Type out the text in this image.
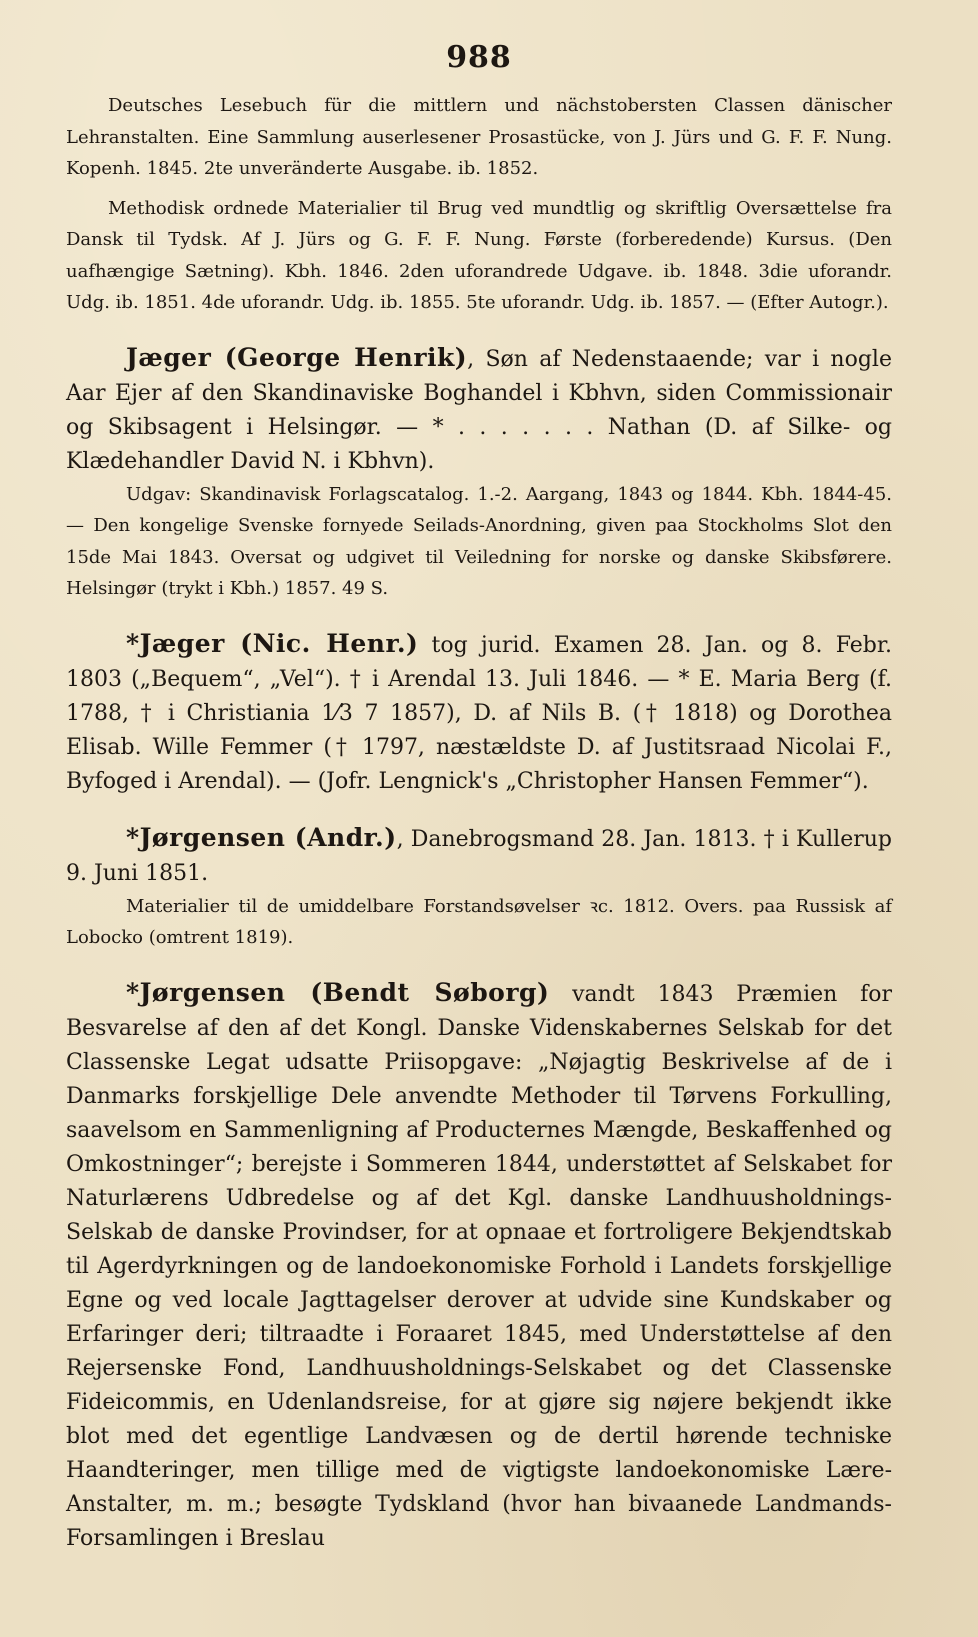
988

Deutsches Lesebuch für die mittlern und nächstobersten Classen dänischer Lehranstalten. Eine Sammlung auserlesener Prosastücke, von J. Jürs und G. F. F. Nung. Kopenh. 1845. 2te unveränderte Ausgabe. ib. 1852.

Methodisk ordnede Materialier til Brug ved mundtlig og skriftlig Oversættelse fra Dansk til Tydsk. Af J. Jürs og G. F. F. Nung. Første (forberedende) Kursus. (Den uafhængige Sætning). Kbh. 1846. 2den uforandrede Udgave. ib. 1848. 3die uforandr. Udg. ib. 1851. 4de uforandr. Udg. ib. 1855. 5te uforandr. Udg. ib. 1857. — (Efter Autogr.).

Jæger (George Henrik), Søn af Nedenstaaende; var i nogle Aar Ejer af den Skandinaviske Boghandel i Kbhvn, siden Commissionair og Skibsagent i Helsingør. — * . . . . . . . Nathan (D. af Silke- og Klædehandler David N. i Kbhvn).

Udgav: Skandinavisk Forlagscatalog. 1.-2. Aargang, 1843 og 1844. Kbh. 1844-45. — Den kongelige Svenske fornyede Seilads-Anordning, given paa Stockholms Slot den 15de Mai 1843. Oversat og udgivet til Veiledning for norske og danske Skibsførere. Helsingør (trykt i Kbh.) 1857. 49 S.

*Jæger (Nic. Henr.) tog jurid. Examen 28. Jan. og 8. Febr. 1803 („Bequem“, „Vel“). † i Arendal 13. Juli 1846. — * E. Maria Berg (f. 1788, † i Christiania 1⁄3 7 1857), D. af Nils B. († 1818) og Dorothea Elisab. Wille Femmer († 1797, næstældste D. af Justitsraad Nicolai F., Byfoged i Arendal). — (Jofr. Lengnick's „Christopher Hansen Femmer“).

*Jørgensen (Andr.), Danebrogsmand 28. Jan. 1813. † i Kullerup 9. Juni 1851.

Materialier til de umiddelbare Forstandsøvelser ꝛc. 1812. Overs. paa Russisk af Lobocko (omtrent 1819).

*Jørgensen (Bendt Søborg) vandt 1843 Præmien for Besvarelse af den af det Kongl. Danske Videnskabernes Selskab for det Classenske Legat udsatte Priisopgave: „Nøjagtig Beskrivelse af de i Danmarks forskjellige Dele anvendte Methoder til Tørvens Forkulling, saavelsom en Sammenligning af Producternes Mængde, Beskaffenhed og Omkostninger“; berejste i Sommeren 1844, understøttet af Selskabet for Naturlærens Udbredelse og af det Kgl. danske Landhuusholdnings-Selskab de danske Provindser, for at opnaae et fortroligere Bekjendtskab til Agerdyrkningen og de landoekonomiske Forhold i Landets forskjellige Egne og ved locale Jagttagelser derover at udvide sine Kundskaber og Erfaringer deri; tiltraadte i Foraaret 1845, med Understøttelse af den Rejersenske Fond, Landhuusholdnings-Selskabet og det Classenske Fideicommis, en Udenlandsreise, for at gjøre sig nøjere bekjendt ikke blot med det egentlige Landvæsen og de dertil hørende techniske Haandteringer, men tillige med de vigtigste landoekonomiske Lære-Anstalter, m. m.; besøgte Tydskland (hvor han bivaanede Landmands-Forsamlingen i Breslau
